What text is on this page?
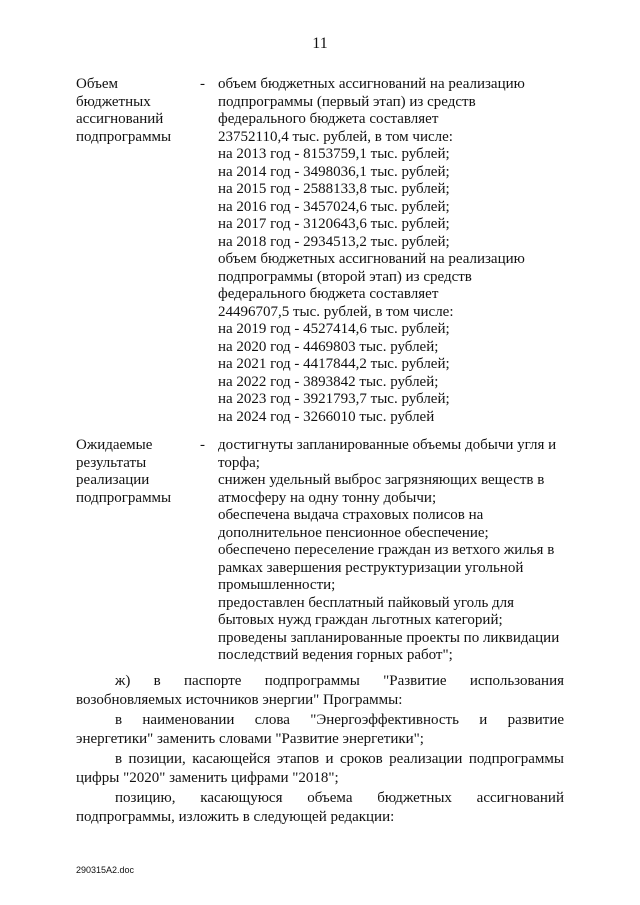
11
Объем
бюджетных
ассигнований
подпрограммы
- объем бюджетных ассигнований на реализацию
подпрограммы (первый этап) из средств
федерального бюджета составляет
23752110,4 тыс. рублей, в том числе:
на 2013 год - 8153759,1 тыс. рублей;
на 2014 год - 3498036,1 тыс. рублей;
на 2015 год - 2588133,8 тыс. рублей;
на 2016 год - 3457024,6 тыс. рублей;
на 2017 год - 3120643,6 тыс. рублей;
на 2018 год - 2934513,2 тыс. рублей;
объем бюджетных ассигнований на реализацию
подпрограммы (второй этап) из средств
федерального бюджета составляет
24496707,5 тыс. рублей, в том числе:
на 2019 год - 4527414,6 тыс. рублей;
на 2020 год - 4469803 тыс. рублей;
на 2021 год - 4417844,2 тыс. рублей;
на 2022 год - 3893842 тыс. рублей;
на 2023 год - 3921793,7 тыс. рублей;
на 2024 год - 3266010 тыс. рублей
Ожидаемые
результаты
реализации
подпрограммы
- достигнуты запланированные объемы добычи угля и
торфа;
снижен удельный выброс загрязняющих веществ в
атмосферу на одну тонну добычи;
обеспечена выдача страховых полисов на
дополнительное пенсионное обеспечение;
обеспечено переселение граждан из ветхого жилья в
рамках завершения реструктуризации угольной
промышленности;
предоставлен бесплатный пайковый уголь для
бытовых нужд граждан льготных категорий;
проведены запланированные проекты по ликвидации
последствий ведения горных работ";
ж) в паспорте подпрограммы "Развитие использования
возобновляемых источников энергии" Программы:
в наименовании слова "Энергоэффективность и развитие
энергетики" заменить словами "Развитие энергетики";
в позиции, касающейся этапов и сроков реализации подпрограммы
цифры "2020" заменить цифрами "2018";
позицию, касающуюся объема бюджетных ассигнований
подпрограммы, изложить в следующей редакции:
290315A2.doc
